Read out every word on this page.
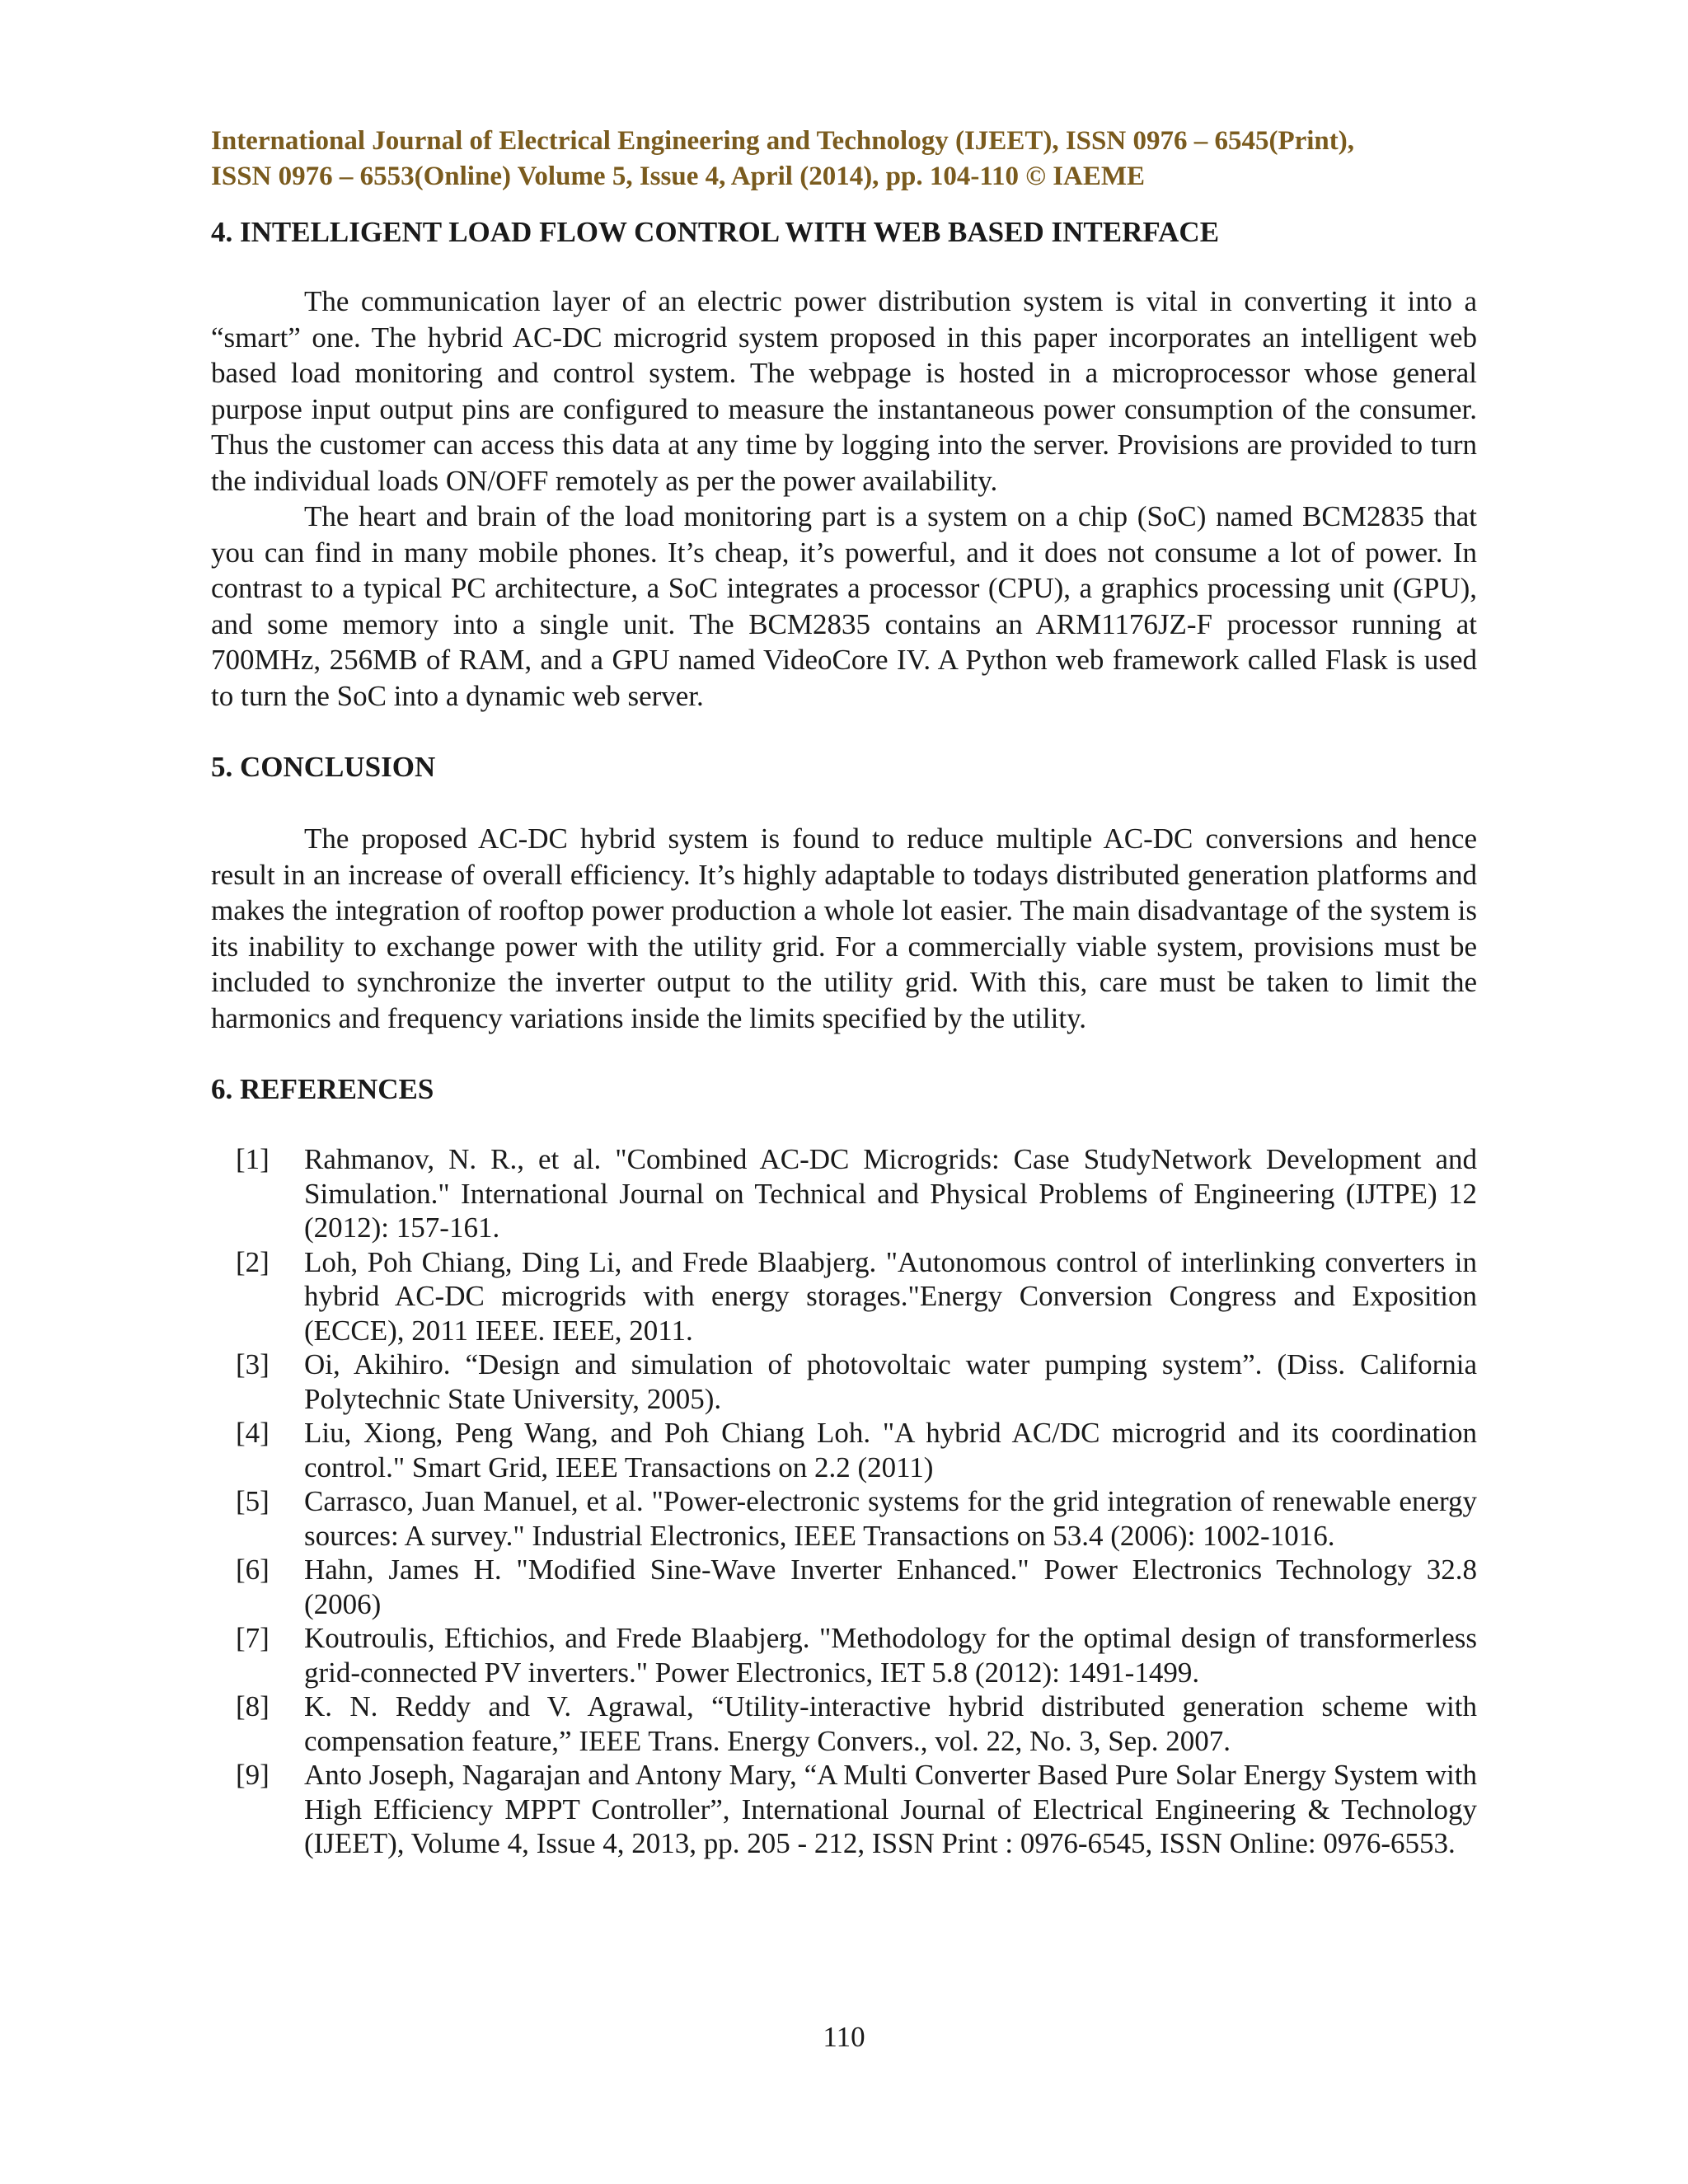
International Journal of Electrical Engineering and Technology (IJEET), ISSN 0976 – 6545(Print),

ISSN 0976 – 6553(Online) Volume 5, Issue 4, April (2014), pp. 104-110 © IAEME

4. INTELLIGENT LOAD FLOW CONTROL WITH WEB BASED INTERFACE

The communication layer of an electric power distribution system is vital in converting it into a “smart” one. The hybrid AC-DC microgrid system proposed in this paper incorporates an intelligent web based load monitoring and control system. The webpage is hosted in a microprocessor whose general purpose input output pins are configured to measure the instantaneous power consumption of the consumer. Thus the customer can access this data at any time by logging into the server. Provisions are provided to turn the individual loads ON/OFF remotely as per the power availability.

The heart and brain of the load monitoring part is a system on a chip (SoC) named BCM2835 that you can find in many mobile phones. It’s cheap, it’s powerful, and it does not consume a lot of power. In contrast to a typical PC architecture, a SoC integrates a processor (CPU), a graphics processing unit (GPU), and some memory into a single unit. The BCM2835 contains an ARM1176JZ-F processor running at 700MHz, 256MB of RAM, and a GPU named VideoCore IV. A Python web framework called Flask is used to turn the SoC into a dynamic web server.

5. CONCLUSION

The proposed AC-DC hybrid system is found to reduce multiple AC-DC conversions and hence result in an increase of overall efficiency. It’s highly adaptable to todays distributed generation platforms and makes the integration of rooftop power production a whole lot easier. The main disadvantage of the system is its inability to exchange power with the utility grid. For a commercially viable system, provisions must be included to synchronize the inverter output to the utility grid. With this, care must be taken to limit the harmonics and frequency variations inside the limits specified by the utility.

6. REFERENCES
[1] Rahmanov, N. R., et al. "Combined AC-DC Microgrids: Case StudyNetwork Development and Simulation." International Journal on Technical and Physical Problems of Engineering (IJTPE) 12 (2012): 157-161.
[2] Loh, Poh Chiang, Ding Li, and Frede Blaabjerg. "Autonomous control of interlinking converters in hybrid AC-DC microgrids with energy storages."Energy Conversion Congress and Exposition (ECCE), 2011 IEEE. IEEE, 2011.
[3] Oi, Akihiro. “Design and simulation of photovoltaic water pumping system”. (Diss. California Polytechnic State University, 2005).
[4] Liu, Xiong, Peng Wang, and Poh Chiang Loh. "A hybrid AC/DC microgrid and its coordination control." Smart Grid, IEEE Transactions on 2.2 (2011)
[5] Carrasco, Juan Manuel, et al. "Power-electronic systems for the grid integration of renewable energy sources: A survey." Industrial Electronics, IEEE Transactions on 53.4 (2006): 1002-1016.
[6] Hahn, James H. "Modified Sine-Wave Inverter Enhanced." Power Electronics Technology 32.8 (2006)
[7] Koutroulis, Eftichios, and Frede Blaabjerg. "Methodology for the optimal design of transformerless grid-connected PV inverters." Power Electronics, IET 5.8 (2012): 1491-1499.
[8] K. N. Reddy and V. Agrawal, “Utility-interactive hybrid distributed generation scheme with compensation feature,” IEEE Trans. Energy Convers., vol. 22, No. 3, Sep. 2007.
[9] Anto Joseph, Nagarajan and Antony Mary, “A Multi Converter Based Pure Solar Energy System with High Efficiency MPPT Controller”, International Journal of Electrical Engineering & Technology (IJEET), Volume 4, Issue 4, 2013, pp. 205 - 212, ISSN Print : 0976-6545, ISSN Online: 0976-6553.
110
